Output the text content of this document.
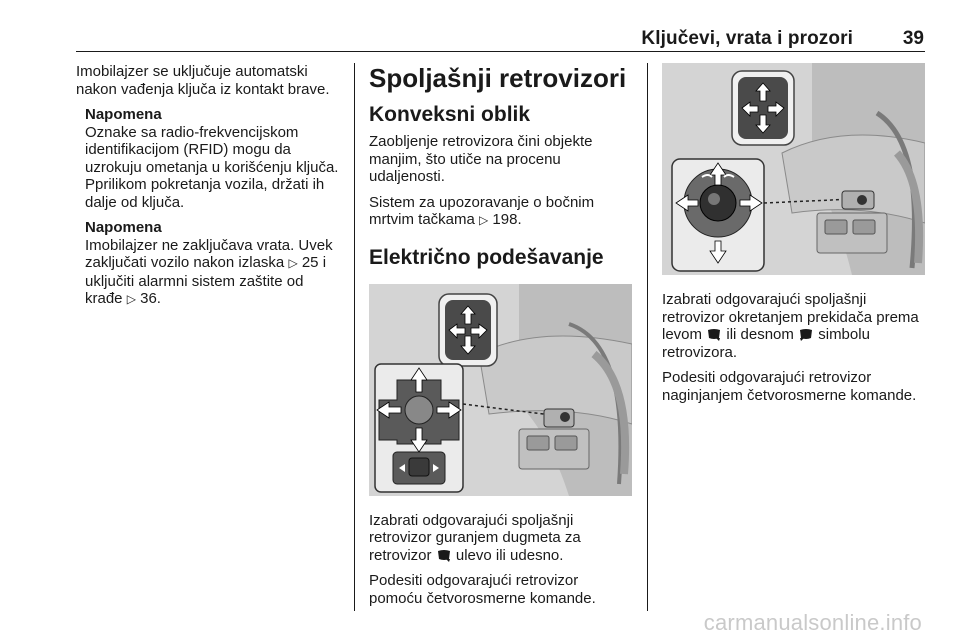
Ključevi, vrata i prozori	39

Imobilajzer se uključuje automatski nakon vađenja ključa iz kontakt brave.

Napomena
Oznake sa radio-frekvencijskom identifikacijom (RFID) mogu da uzrokuju ometanja u korišćenju ključa. Pprilikom pokretanja vozila, držati ih dalje od ključa.
Napomena
Imobilajzer ne zaključava vrata. Uvek zaključati vozilo nakon izlaska ▷ 25 i uključiti alarmni sistem zaštite od krađe ▷ 36.
Spoljašnji retrovizori
Konveksni oblik

Zaobljenje retrovizora čini objekte manjim, što utiče na procenu udaljenosti.

Sistem za upozoravanje o bočnim mrtvim tačkama ▷ 198.

Električno podešavanje

Izabrati odgovarajući spoljašnji retrovizor guranjem dugmeta za retrovizor ulevo ili udesno.

Podesiti odgovarajući retrovizor pomoću četvorosmerne komande.

Izabrati odgovarajući spoljašnji retrovizor okretanjem prekidača prema levom ili desnom simbolu retrovizora.

Podesiti odgovarajući retrovizor naginjanjem četvorosmerne komande.

carmanualsonline.info
